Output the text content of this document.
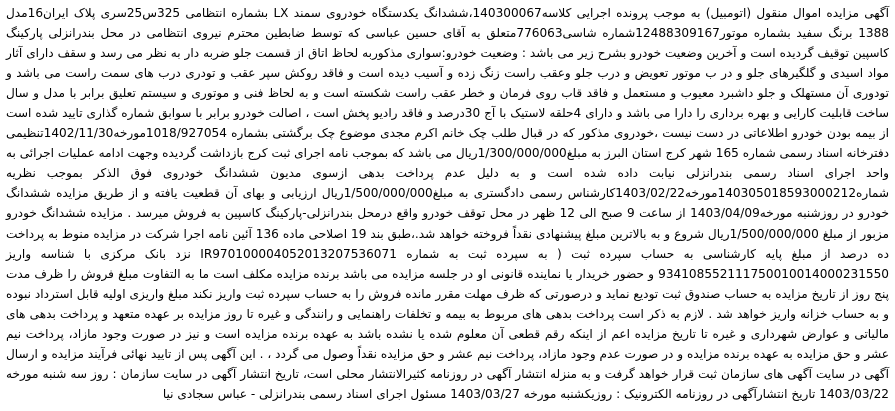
آگهی مزایده اموال منقول (اتومبیل) به موجب پرونده اجرایی کلاسه140300067،ششدانگ یکدستگاه خودروی سمند LX بشماره انتظامی 325س25سری پلاک ایران16مدل 1388 برنگ سفید بشماره موتور12488309167شماره شاسی776063متعلق به آقای حسین عباسی که توسط ضابطین محترم نیروی انتظامی در محل بندرانزلی پارکینگ کاسپین توقیف گردیده است و آخرین وضعیت خودرو بشرح زیر می باشد : وضعیت خودرو:سواری مذکوربه لحاظ اتاق از قسمت جلو ضربه دار به نظر می رسد و سقف دارای آثار مواد اسیدی و گلگیرهای جلو و در ب موتور تعویض و درب جلو وعقب راست زنگ زده و آسیب دیده است و فاقد روکش سپر عقب و تودری درب های سمت راست می باشد و تودوری آن مستهلک و جلو داشبرد معیوب و مستعمل و فاقد قاب روی فرمان و خطر عقب راست شکسته است و به لحاظ فنی و موتوری و سیستم تعلیق برابر با مدل و سال ساخت قابلیت کارایی و بهره برداری را دارا می باشد و دارای 4حلقه لاستیک با آج 30درصد و فاقد رادیو پخش است ، اصالت خودرو برابر با سوابق شماره گذاری تایید شده است از بیمه بودن خودرو اطلاعاتی در دست نیست ،خودروی مذکور که در قبال طلب چک خانم اکرم مجدی موضوع چک برگشتی بشماره 1018/927054مورخه1402/11/30تنظیمی دفترخانه اسناد رسمی شماره 165 شهر کرج استان البرز به مبلغ1/300/000/000ریال می باشد که بموجب نامه اجرای ثبت کرج بازداشت گردیده وجهت ادامه عملیات اجرائی به واحد اجرای اسناد رسمی بندرانزلی نیابت داده شده است و به دلیل عدم پرداخت بدهی ازسوی مدیون ششدانگ خودروی فوق الذکر بموجب نظریه شماره140305018593000212مورخه1403/02/22کارشناس رسمی دادگستری به مبلغ1/500/000/000ریال ارزیابی و بهای آن قطعیت یافته و از طریق مزایده ششدانگ خودرو در روزشنبه مورخه1403/04/09 از ساعت 9 صبح الی 12 ظهر در محل توقف خودرو واقع درمحل بندرانزلی-پارکینگ کاسپین به فروش میرسد . مزایده ششدانگ خودرو مزبور از مبلغ 1/500/000/000ریال شروع و به بالاترین مبلغ پیشنهادی نقداً فروخته خواهد شد.،طبق بند 19 اصلاحی ماده 136 آئین نامه اجرا شرکت در مزایده منوط به پرداخت ده درصد از مبلغ پایه کارشناسی به حساب سپرده ثبت ( به سپرده ثبت به شماره IR970100004052013207536071 نزد بانک مرکزی با شناسه واریز 934108552111750010014000231550 و حضور خریدار یا نماینده قانونی او در جلسه مزایده می باشد برنده مزایده مکلف است ما به التفاوت مبلغ فروش را ظرف مدت پنج روز از تاریخ مزایده به حساب صندوق ثبت تودیع نماید و درصورتی که ظرف مهلت مقرر مانده فروش را به حساب سپرده ثبت واریز نکند مبلغ واریزی اولیه قابل استرداد نبوده و به حساب خزانه واریز خواهد شد . لازم به ذکر است پرداخت بدهی های مربوط به بیمه و تخلفات راهنمایی و رانندگی و غیره تا روز مزایده بر عهده متعهد و پرداخت بدهی های مالیاتی و عوارض شهرداری و غیره تا تاریخ مزایده اعم از اینکه رقم قطعی آن معلوم شده یا نشده باشد به عهده برنده مزایده است و نیز در صورت وجود مازاد، پرداخت نیم عشر و حق مزایده به عهده برنده مزایده و در صورت عدم وجود مازاد، پرداخت نیم عشر و حق مزایده نقداً وصول می گردد ، . این آگهی پس از تایید نهائی فرآیند مزایده و ارسال آگهی در سایت آگهی های سازمان ثبت قرار خواهد گرفت و به منزله انتشار آگهی در روزنامه کثیرالانتشار محلی است، تاریخ انتشار آگهی در سایت سازمان : روز سه شنبه مورخه 1403/03/22 تاریخ انتشارآگهی در روزنامه الکترونیک : روزیکشنبه مورخه 1403/03/27 مسئول اجرای اسناد رسمی بندرانزلی - عباس سجادی نیا
